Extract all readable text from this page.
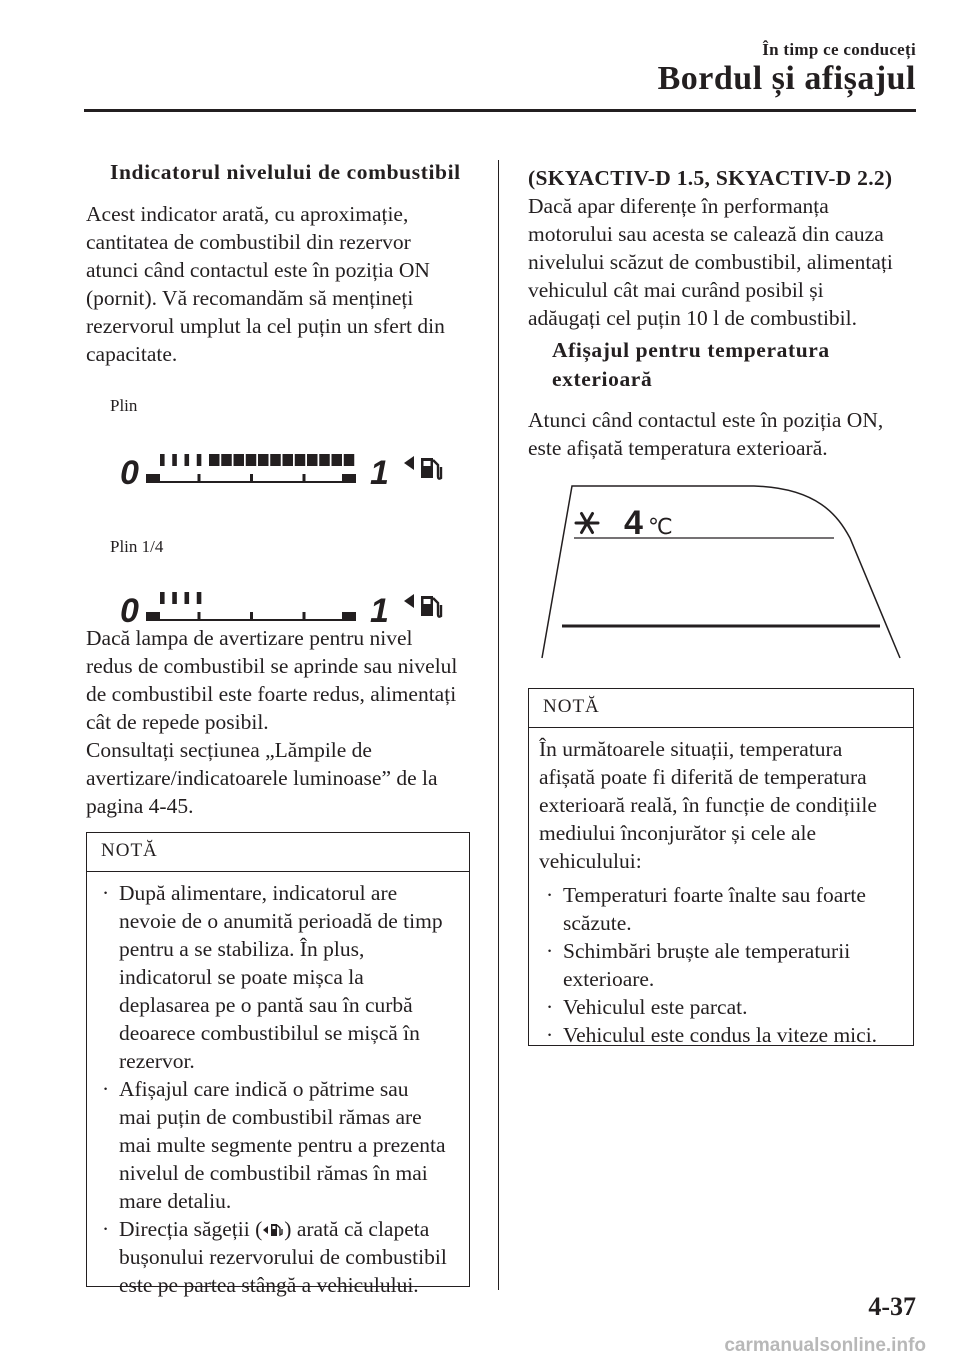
În timp ce conduceți
Bordul și afișajul
Indicatorul nivelului de combustibil

Acest indicator arată, cu aproximație,

cantitatea de combustibil din rezervor

atunci când contactul este în poziția ON

(pornit). Vă recomandăm să mențineți

rezervorul umplut la cel puțin un sfert din

capacitate.

Plin
0	1
Plin 1/4
0	1

Dacă lampa de avertizare pentru nivel

redus de combustibil se aprinde sau nivelul

de combustibil este foarte redus, alimentați

cât de repede posibil.

Consultați secțiunea „Lămpile de

avertizare/indicatoarele luminoase” de la

pagina 4-45.

NOTĂ
· După alimentare, indicatorul are

nevoie de o anumită perioadă de timp

pentru a se stabiliza. În plus,

indicatorul se poate mișca la

deplasarea pe o pantă sau în curbă

deoarece combustibilul se mișcă în

rezervor.

· Afișajul care indică o pătrime sau

mai puțin de combustibil rămas are

mai multe segmente pentru a prezenta

nivelul de combustibil rămas în mai

mare detaliu.

· Direcția săgeții ( ) arată că clapeta

bușonului rezervorului de combustibil

este pe partea stângă a vehiculului.

(SKYACTIV-D 1.5, SKYACTIV-D 2.2)

Dacă apar diferențe în performanța

motorului sau acesta se calează din cauza

nivelului scăzut de combustibil, alimentați

vehiculul cât mai curând posibil și

adăugați cel puțin 10 l de combustibil.

Afișajul pentru temperatura
exterioară

Atunci când contactul este în poziția ON,

este afișată temperatura exterioară.

4 ℃
NOTĂ

În următoarele situații, temperatura

afișată poate fi diferită de temperatura

exterioară reală, în funcție de condițiile

mediului înconjurător și cele ale

vehiculului:

· Temperaturi foarte înalte sau foarte

scăzute.

· Schimbări bruște ale temperaturii

exterioare.

· Vehiculul este parcat.

· Vehiculul este condus la viteze mici.

4-37
carmanualsonline.info
